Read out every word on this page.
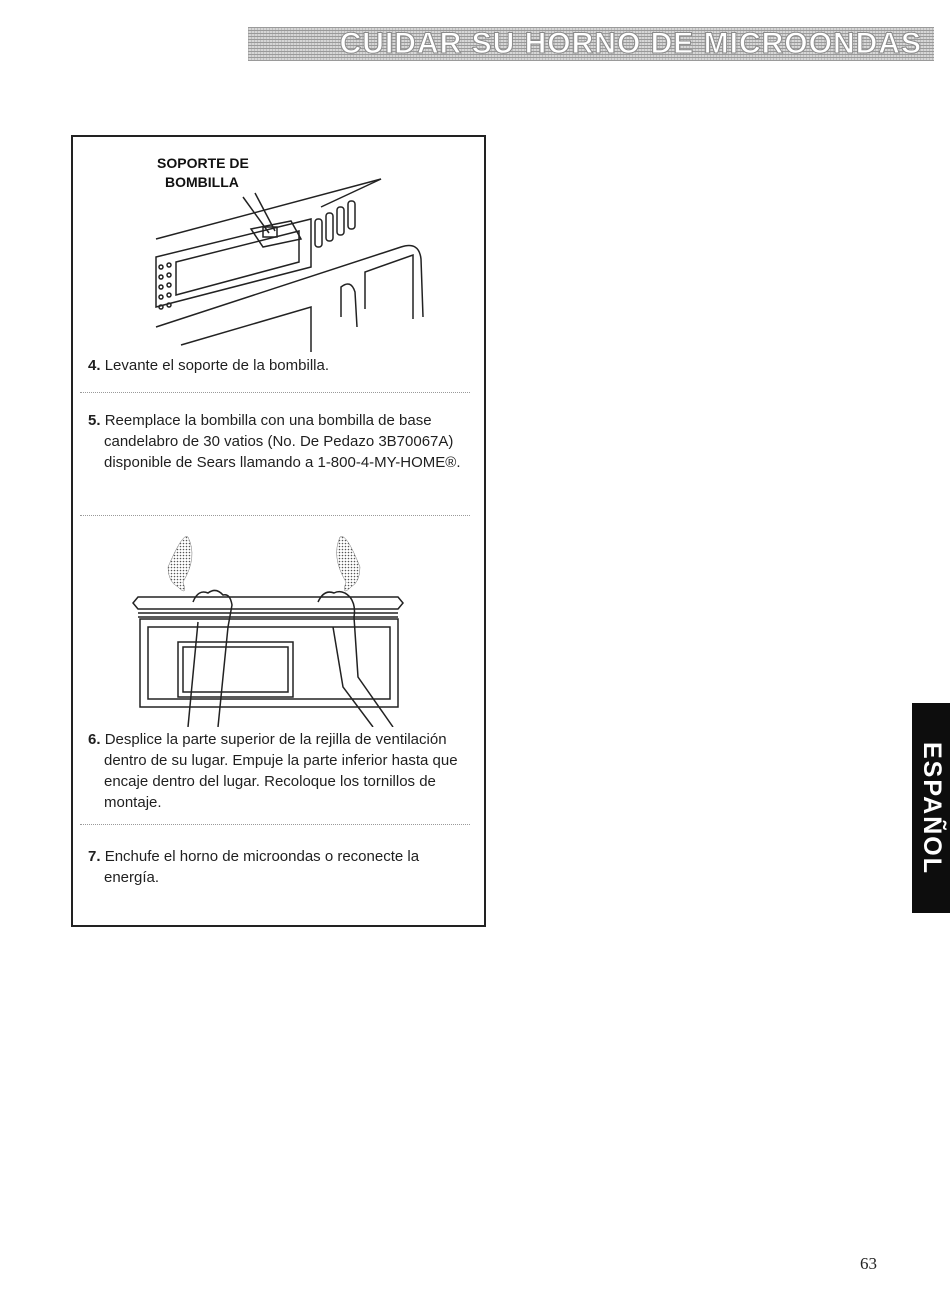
CUIDAR SU HORNO DE MICROONDAS
SOPORTE DE
BOMBILLA
4. Levante el soporte de la bombilla.
5. Reemplace la bombilla con una bombilla de base candelabro de 30 vatios (No. De Pedazo 3B70067A) disponible de Sears llamando a 1-800-4-MY-HOME®.
6. Desplice la parte superior de la rejilla de ventilación dentro de su lugar. Empuje la parte inferior hasta que encaje dentro del lugar. Recoloque los tornillos de montaje.
7. Enchufe el horno de microondas o reconecte la energía.
ESPAÑOL
63
